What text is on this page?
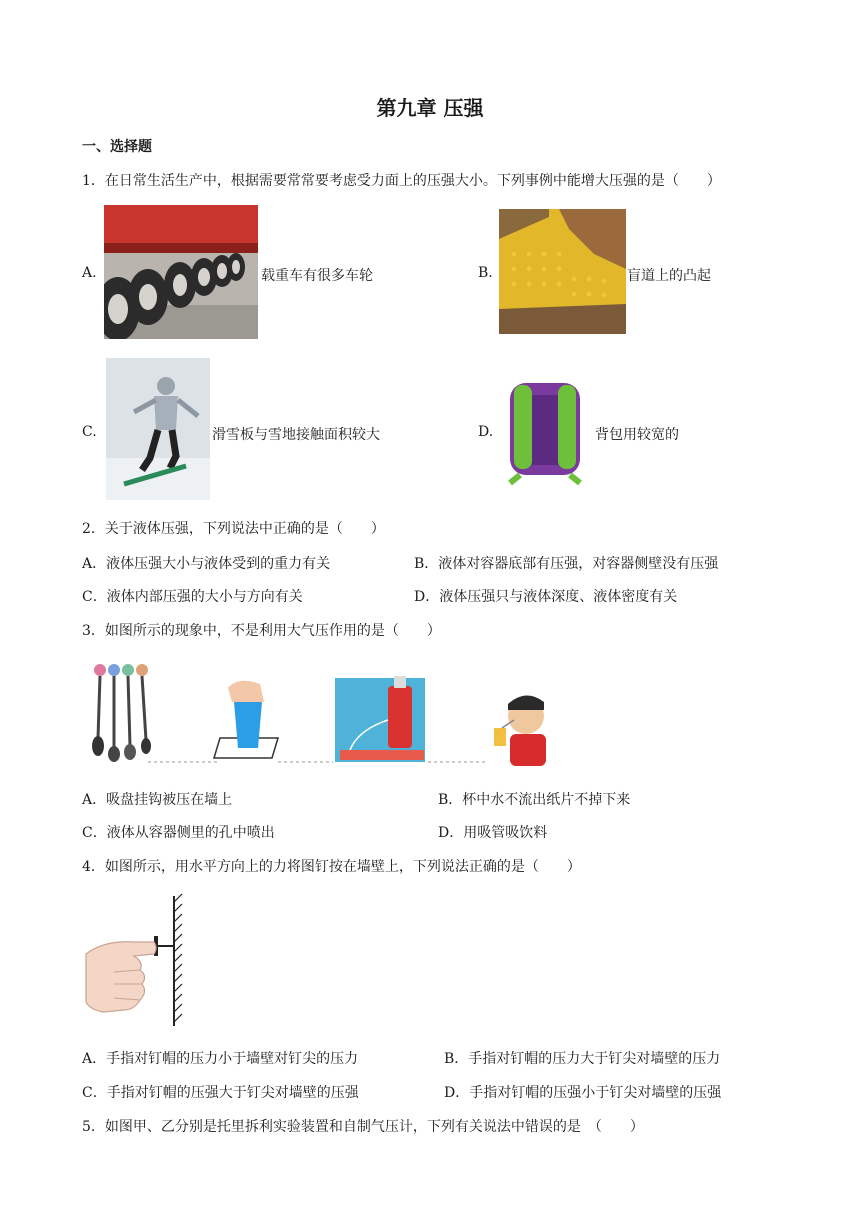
第九章 压强
一、选择题
1．在日常生活生产中，根据需要常常要考虑受力面上的压强大小。下列事例中能增大压强的是（　　）
A.	载重车有很多车轮	B.	盲道上的凸起
C.	滑雪板与雪地接触面积较大	D.	背包用较宽的
2．关于液体压强，下列说法中正确的是（　　）
A．液体压强大小与液体受到的重力有关	B．液体对容器底部有压强，对容器侧壁没有压强
C．液体内部压强的大小与方向有关	D．液体压强只与液体深度、液体密度有关
3．如图所示的现象中，不是利用大气压作用的是（　　）
A．吸盘挂钩被压在墙上	B．杯中水不流出纸片不掉下来
C．液体从容器侧里的孔中喷出	D．用吸管吸饮料
4．如图所示，用水平方向上的力将图钉按在墙壁上，下列说法正确的是（　　）
A．手指对钉帽的压力小于墙壁对钉尖的压力	B．手指对钉帽的压力大于钉尖对墙壁的压力
C．手指对钉帽的压强大于钉尖对墙壁的压强	D．手指对钉帽的压强小于钉尖对墙壁的压强
5．如图甲、乙分别是托里拆利实验装置和自制气压计，下列有关说法中错误的是　（　　）
